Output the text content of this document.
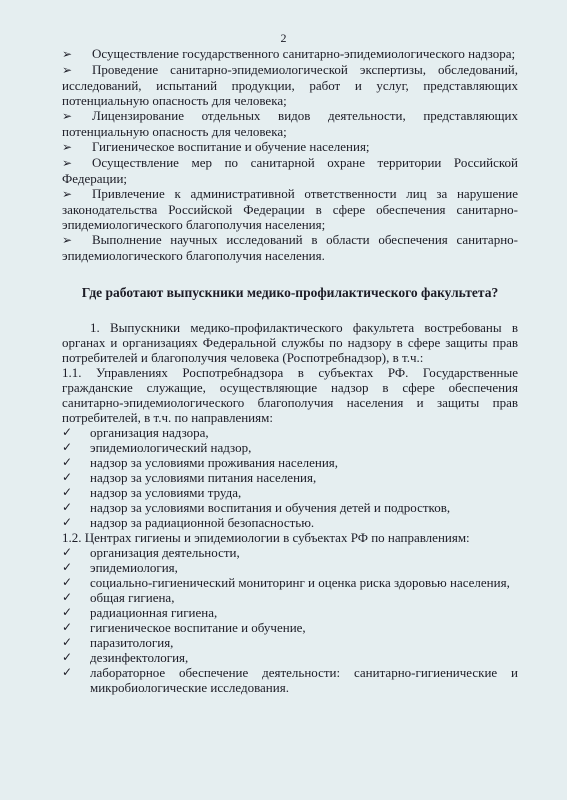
2

➢ Осуществление государственного санитарно-эпидемиологического надзора;

➢ Проведение санитарно-эпидемиологической экспертизы, обследований, исследований, испытаний продукции, работ и услуг, представляющих потенциальную опасность для человека;

➢ Лицензирование отдельных видов деятельности, представляющих потенциальную опасность для человека;

➢ Гигиеническое воспитание и обучение населения;

➢ Осуществление мер по санитарной охране территории Российской Федерации;

➢ Привлечение к административной ответственности лиц за нарушение законодательства Российской Федерации в сфере обеспечения санитарно-эпидемиологического благополучия населения;

➢ Выполнение научных исследований в области обеспечения санитарно-эпидемиологического благополучия населения.

Где работают выпускники медико-профилактического факультета?

1. Выпускники медико-профилактического факультета востребованы в органах и организациях Федеральной службы по надзору в сфере защиты прав потребителей и благополучия человека (Роспотребнадзор), в т.ч.:

1.1. Управлениях Роспотребнадзора в субъектах РФ. Государственные гражданские служащие, осуществляющие надзор в сфере обеспечения санитарно-эпидемиологического благополучия населения и защиты прав потребителей, в т.ч. по направлениям:

✓ организация надзора,
✓ эпидемиологический надзор,
✓ надзор за условиями проживания населения,
✓ надзор за условиями питания населения,
✓ надзор за условиями труда,
✓ надзор за условиями воспитания и обучения детей и подростков,
✓ надзор за радиационной безопасностью.

1.2. Центрах гигиены и эпидемиологии в субъектах РФ по направлениям:

✓ организация деятельности,
✓ эпидемиология,
✓ социально-гигиенический мониторинг и оценка риска здоровью населения,
✓ общая гигиена,
✓ радиационная гигиена,
✓ гигиеническое воспитание и обучение,
✓ паразитология,
✓ дезинфектология,
✓ лабораторное обеспечение деятельности: санитарно-гигиенические и микробиологические исследования.
